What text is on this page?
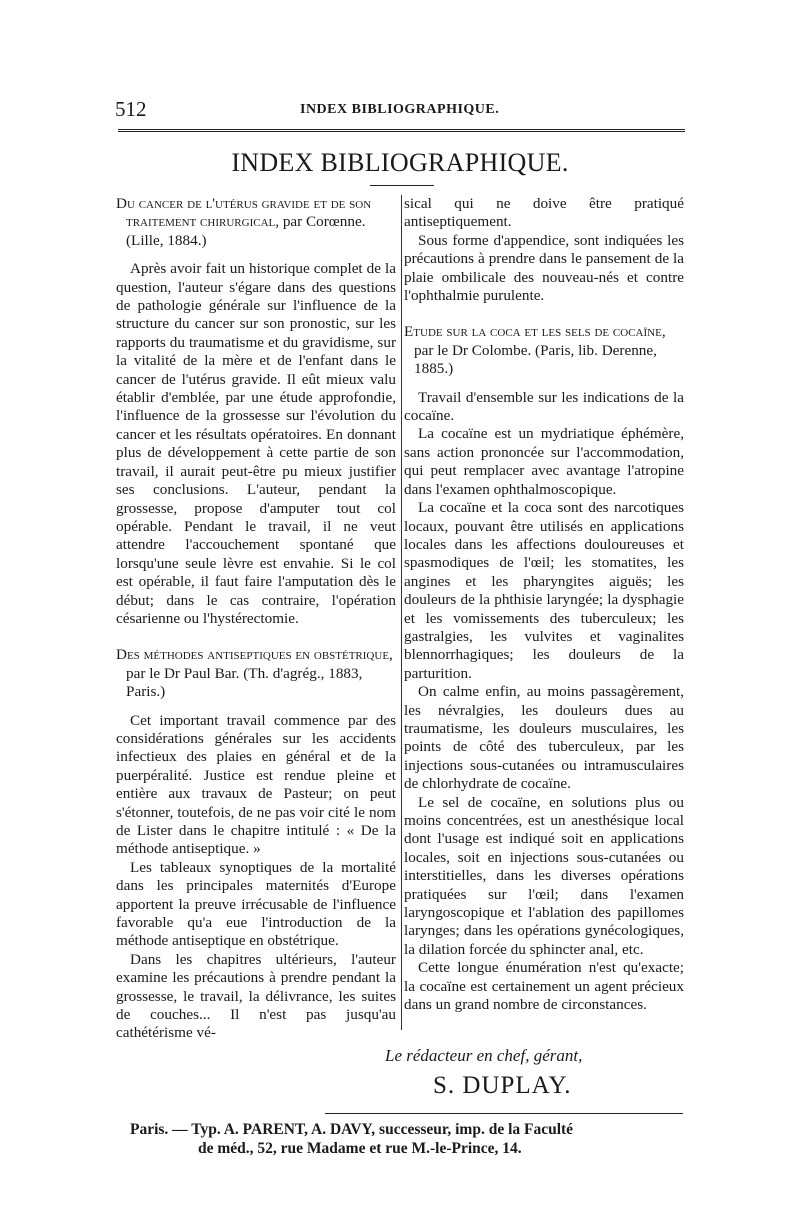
512	INDEX BIBLIOGRAPHIQUE.
INDEX BIBLIOGRAPHIQUE.

Du cancer de l'utérus gravide et de son traitement chirurgical, par Corœnne. (Lille, 1884.)

Après avoir fait un historique complet de la question, l'auteur s'égare dans des questions de pathologie générale sur l'influence de la structure du cancer sur son pronostic, sur les rapports du traumatisme et du gravidisme, sur la vitalité de la mère et de l'enfant dans le cancer de l'utérus gravide. Il eût mieux valu établir d'emblée, par une étude approfondie, l'influence de la grossesse sur l'évolution du cancer et les résultats opératoires. En donnant plus de développement à cette partie de son travail, il aurait peut-être pu mieux justifier ses conclusions. L'auteur, pendant la grossesse, propose d'amputer tout col opérable. Pendant le travail, il ne veut attendre l'accouchement spontané que lorsqu'une seule lèvre est envahie. Si le col est opérable, il faut faire l'amputation dès le début; dans le cas contraire, l'opération césarienne ou l'hystérectomie.

Des méthodes antiseptiques en obstétrique, par le Dr Paul Bar. (Th. d'agrég., 1883, Paris.)

Cet important travail commence par des considérations générales sur les accidents infectieux des plaies en général et de la puerpéralité. Justice est rendue pleine et entière aux travaux de Pasteur; on peut s'étonner, toutefois, de ne pas voir cité le nom de Lister dans le chapitre intitulé : « De la méthode antiseptique. »

Les tableaux synoptiques de la mortalité dans les principales maternités d'Europe apportent la preuve irrécusable de l'influence favorable qu'a eue l'introduction de la méthode antiseptique en obstétrique.

Dans les chapitres ultérieurs, l'auteur examine les précautions à prendre pendant la grossesse, le travail, la délivrance, les suites de couches... Il n'est pas jusqu'au cathétérisme vé-

sical qui ne doive être pratiqué antiseptiquement.

Sous forme d'appendice, sont indiquées les précautions à prendre dans le pansement de la plaie ombilicale des nouveau-nés et contre l'ophthalmie purulente.

Etude sur la coca et les sels de cocaïne, par le Dr Colombe. (Paris, lib. Derenne, 1885.)

Travail d'ensemble sur les indications de la cocaïne.

La cocaïne est un mydriatique éphémère, sans action prononcée sur l'accommodation, qui peut remplacer avec avantage l'atropine dans l'examen ophthalmoscopique.

La cocaïne et la coca sont des narcotiques locaux, pouvant être utilisés en applications locales dans les affections douloureuses et spasmodiques de l'œil; les stomatites, les angines et les pharyngites aiguës; les douleurs de la phthisie laryngée; la dysphagie et les vomissements des tuberculeux; les gastralgies, les vulvites et vaginalites blennorrhagiques; les douleurs de la parturition.

On calme enfin, au moins passagèrement, les névralgies, les douleurs dues au traumatisme, les douleurs musculaires, les points de côté des tuberculeux, par les injections sous-cutanées ou intramusculaires de chlorhydrate de cocaïne.

Le sel de cocaïne, en solutions plus ou moins concentrées, est un anesthésique local dont l'usage est indiqué soit en applications locales, soit en injections sous-cutanées ou interstitielles, dans les diverses opérations pratiquées sur l'œil; dans l'examen laryngoscopique et l'ablation des papillomes larynges; dans les opérations gynécologiques, la dilation forcée du sphincter anal, etc.

Cette longue énumération n'est qu'exacte; la cocaïne est certainement un agent précieux dans un grand nombre de circonstances.

Le rédacteur en chef, gérant,
S. DUPLAY.
Paris. — Typ. A. PARENT, A. DAVY, successeur, imp. de la Faculté
de méd., 52, rue Madame et rue M.-le-Prince, 14.
